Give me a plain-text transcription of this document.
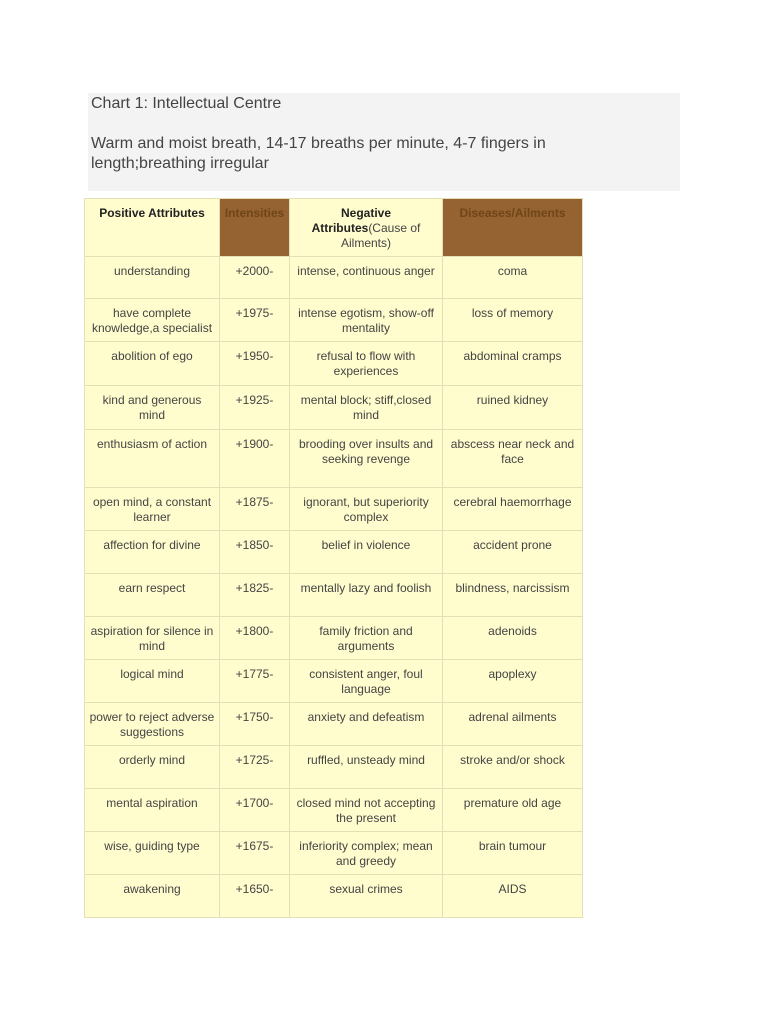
Chart 1: Intellectual Centre
Warm and moist breath, 14-17 breaths per minute, 4-7 fingers in length;breathing irregular
Positive Attributes	Intensities	Negative Attributes(Cause of Ailments)	Diseases/Ailments
understanding	+2000-	intense, continuous anger	coma
have complete knowledge,a specialist	+1975-	intense egotism, show-off mentality	loss of memory
abolition of ego	+1950-	refusal to flow with experiences	abdominal cramps
kind and generous mind	+1925-	mental block; stiff,closed mind	ruined kidney
enthusiasm of action	+1900-	brooding over insults and seeking revenge	abscess near neck and face
open mind, a constant learner	+1875-	ignorant, but superiority complex	cerebral haemorrhage
affection for divine	+1850-	belief in violence	accident prone
earn respect	+1825-	mentally lazy and foolish	blindness, narcissism
aspiration for silence in mind	+1800-	family friction and arguments	adenoids
logical mind	+1775-	consistent anger, foul language	apoplexy
power to reject adverse suggestions	+1750-	anxiety and defeatism	adrenal ailments
orderly mind	+1725-	ruffled, unsteady mind	stroke and/or shock
mental aspiration	+1700-	closed mind not accepting the present	premature old age
wise, guiding type	+1675-	inferiority complex; mean and greedy	brain tumour
awakening	+1650-	sexual crimes	AIDS
